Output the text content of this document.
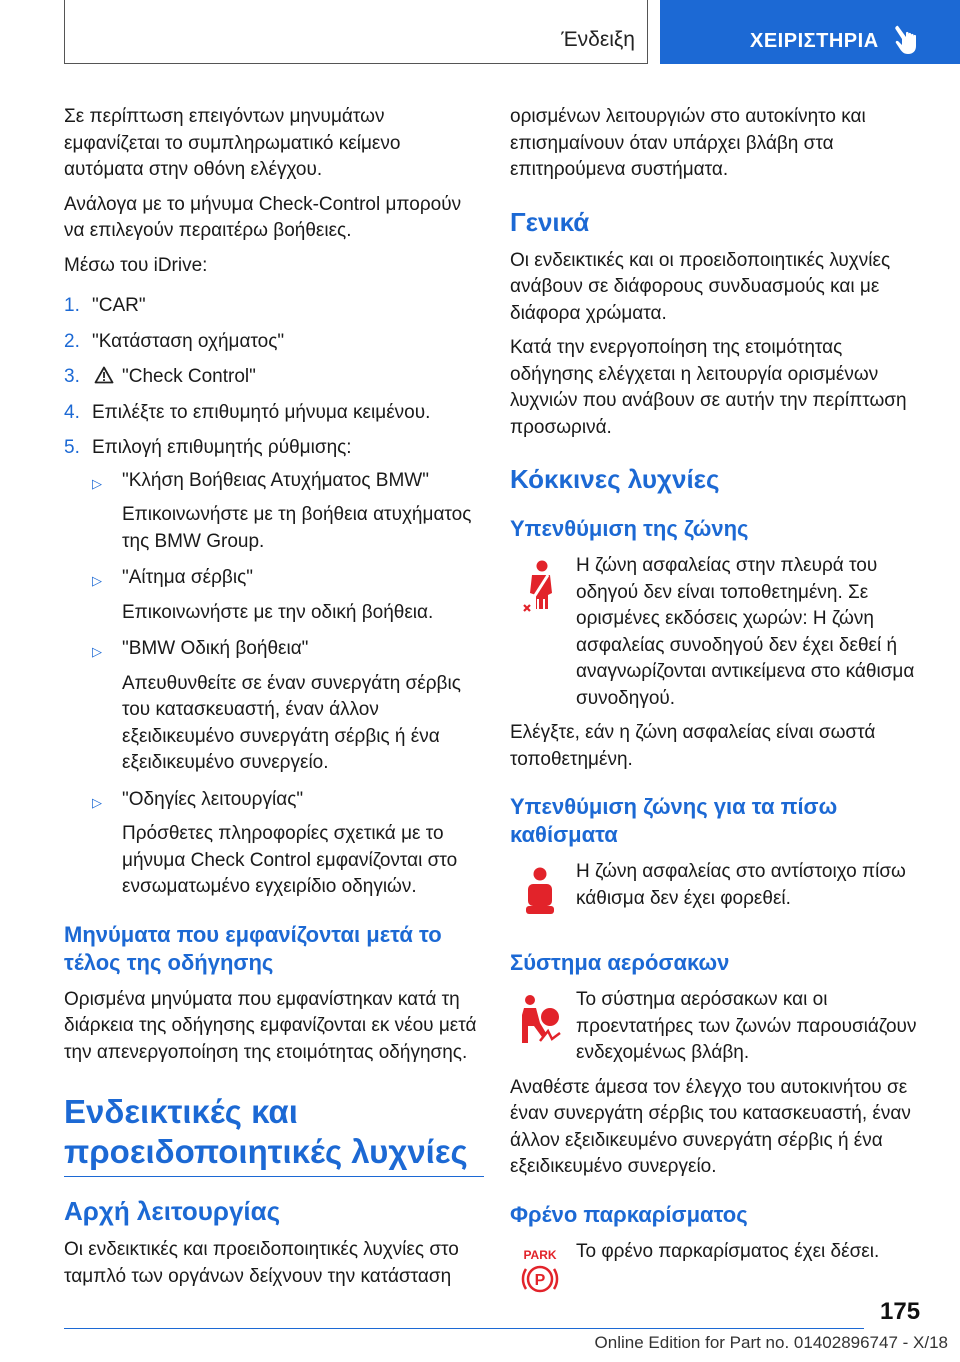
Ένδειξη	ΧΕΙΡΙΣΤΗΡΙΑ

Σε περίπτωση επειγόντων μηνυμάτων εμφανίζεται το συμπληρωματικό κείμενο αυτόματα στην οθόνη ελέγχου.

Ανάλογα με το μήνυμα Check-Control μπορούν να επιλεγούν περαιτέρω βοήθειες.

Μέσω του iDrive:

1. "CAR"
2. "Κατάσταση οχήματος"
3. "Check Control"
4. Επιλέξτε το επιθυμητό μήνυμα κειμένου.
5. Επιλογή επιθυμητής ρύθμισης:
▷ "Κλήση Βοήθειας Ατυχήματος BMW"
Επικοινωνήστε με τη βοήθεια ατυχήματος της BMW Group.
▷ "Αίτημα σέρβις"
Επικοινωνήστε με την οδική βοήθεια.
▷ "BMW Οδική βοήθεια"
Απευθυνθείτε σε έναν συνεργάτη σέρβις του κατασκευαστή, έναν άλλον εξειδικευμένο συνεργάτη σέρβις ή ένα εξειδικευμένο συνεργείο.
▷ "Οδηγίες λειτουργίας"
Πρόσθετες πληροφορίες σχετικά με το μήνυμα Check Control εμφανίζονται στο ενσωματωμένο εγχειρίδιο οδηγιών.
Μηνύματα που εμφανίζονται μετά το τέλος της οδήγησης

Ορισμένα μηνύματα που εμφανίστηκαν κατά τη διάρκεια της οδήγησης εμφανίζονται εκ νέου μετά την απενεργοποίηση της ετοιμότητας οδήγησης.

Ενδεικτικές και προειδοποιητικές λυχνίες
Αρχή λειτουργίας

Οι ενδεικτικές και προειδοποιητικές λυχνίες στο ταμπλό των οργάνων δείχνουν την κατάσταση

ορισμένων λειτουργιών στο αυτοκίνητο και επισημαίνουν όταν υπάρχει βλάβη στα επιτηρούμενα συστήματα.

Γενικά

Οι ενδεικτικές και οι προειδοποιητικές λυχνίες ανάβουν σε διάφορους συνδυασμούς και με διάφορα χρώματα.

Κατά την ενεργοποίηση της ετοιμότητας οδήγησης ελέγχεται η λειτουργία ορισμένων λυχνιών που ανάβουν σε αυτήν την περίπτωση προσωρινά.

Κόκκινες λυχνίες
Υπενθύμιση της ζώνης

Η ζώνη ασφαλείας στην πλευρά του οδηγού δεν είναι τοποθετημένη. Σε ορισμένες εκδόσεις χωρών: Η ζώνη ασφαλείας συνοδηγού δεν έχει δεθεί ή αναγνωρίζονται αντικείμενα στο κάθισμα συνοδηγού.

Ελέγξτε, εάν η ζώνη ασφαλείας είναι σωστά τοποθετημένη.

Υπενθύμιση ζώνης για τα πίσω καθίσματα

Η ζώνη ασφαλείας στο αντίστοιχο πίσω κάθισμα δεν έχει φορεθεί.

Σύστημα αερόσακων

Το σύστημα αερόσακων και οι προεντατήρες των ζωνών παρουσιάζουν ενδεχομένως βλάβη.

Αναθέστε άμεσα τον έλεγχο του αυτοκινήτου σε έναν συνεργάτη σέρβις του κατασκευαστή, έναν άλλον εξειδικευμένο συνεργάτη σέρβις ή ένα εξειδικευμένο συνεργείο.

Φρένο παρκαρίσματος
PARK
P

Το φρένο παρκαρίσματος έχει δέσει.

175
Online Edition for Part no. 01402896747 - X/18
